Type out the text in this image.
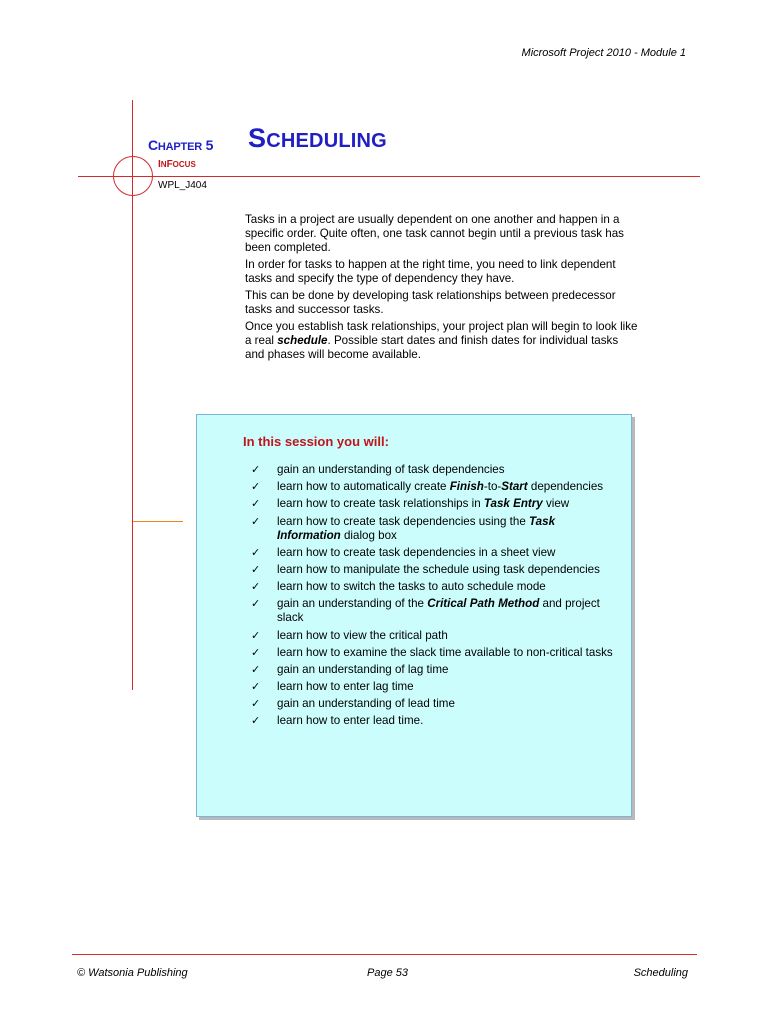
Microsoft Project 2010 - Module 1
CHAPTER 5
INFOCUS
WPL_J404
SCHEDULING

Tasks in a project are usually dependent on one another and happen in a specific order. Quite often, one task cannot begin until a previous task has been completed.

In order for tasks to happen at the right time, you need to link dependent tasks and specify the type of dependency they have.

This can be done by developing task relationships between predecessor tasks and successor tasks.

Once you establish task relationships, your project plan will begin to look like a real schedule. Possible start dates and finish dates for individual tasks and phases will become available.

In this session you will:
✓ gain an understanding of task dependencies
✓ learn how to automatically create Finish-to-Start dependencies
✓ learn how to create task relationships in Task Entry view
✓ learn how to create task dependencies using the Task Information dialog box
✓ learn how to create task dependencies in a sheet view
✓ learn how to manipulate the schedule using task dependencies
✓ learn how to switch the tasks to auto schedule mode
✓ gain an understanding of the Critical Path Method and project slack
✓ learn how to view the critical path
✓ learn how to examine the slack time available to non-critical tasks
✓ gain an understanding of lag time
✓ learn how to enter lag time
✓ gain an understanding of lead time
✓ learn how to enter lead time.
© Watsonia Publishing	Page 53	Scheduling
